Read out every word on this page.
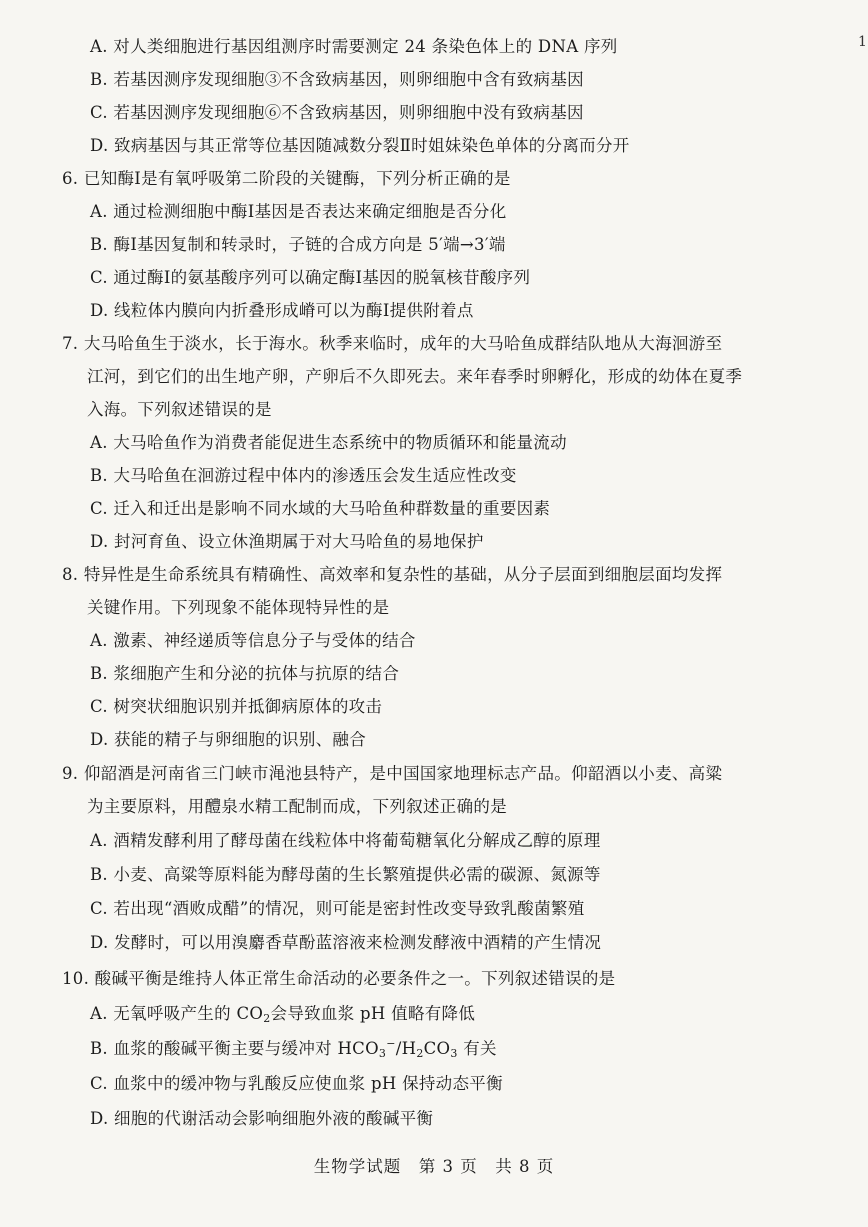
A. 对人类细胞进行基因组测序时需要测定 24 条染色体上的 DNA 序列
B. 若基因测序发现细胞③不含致病基因，则卵细胞中含有致病基因
C. 若基因测序发现细胞⑥不含致病基因，则卵细胞中没有致病基因
D. 致病基因与其正常等位基因随减数分裂Ⅱ时姐妹染色单体的分离而分开
6. 已知酶Ⅰ是有氧呼吸第二阶段的关键酶，下列分析正确的是
A. 通过检测细胞中酶Ⅰ基因是否表达来确定细胞是否分化
B. 酶Ⅰ基因复制和转录时，子链的合成方向是 5′端→3′端
C. 通过酶Ⅰ的氨基酸序列可以确定酶Ⅰ基因的脱氧核苷酸序列
D. 线粒体内膜向内折叠形成嵴可以为酶Ⅰ提供附着点
7. 大马哈鱼生于淡水，长于海水。秋季来临时，成年的大马哈鱼成群结队地从大海洄游至
江河，到它们的出生地产卵，产卵后不久即死去。来年春季时卵孵化，形成的幼体在夏季
入海。下列叙述错误的是
A. 大马哈鱼作为消费者能促进生态系统中的物质循环和能量流动
B. 大马哈鱼在洄游过程中体内的渗透压会发生适应性改变
C. 迁入和迁出是影响不同水域的大马哈鱼种群数量的重要因素
D. 封河育鱼、设立休渔期属于对大马哈鱼的易地保护
8. 特异性是生命系统具有精确性、高效率和复杂性的基础，从分子层面到细胞层面均发挥
关键作用。下列现象不能体现特异性的是
A. 激素、神经递质等信息分子与受体的结合
B. 浆细胞产生和分泌的抗体与抗原的结合
C. 树突状细胞识别并抵御病原体的攻击
D. 获能的精子与卵细胞的识别、融合
9. 仰韶酒是河南省三门峡市渑池县特产，是中国国家地理标志产品。仰韶酒以小麦、高粱
为主要原料，用醴泉水精工配制而成，下列叙述正确的是
A. 酒精发酵利用了酵母菌在线粒体中将葡萄糖氧化分解成乙醇的原理
B. 小麦、高粱等原料能为酵母菌的生长繁殖提供必需的碳源、氮源等
C. 若出现“酒败成醋”的情况，则可能是密封性改变导致乳酸菌繁殖
D. 发酵时，可以用溴麝香草酚蓝溶液来检测发酵液中酒精的产生情况
10. 酸碱平衡是维持人体正常生命活动的必要条件之一。下列叙述错误的是
A. 无氧呼吸产生的 $CO_2$会导致血浆 pH 值略有降低
B. 血浆的酸碱平衡主要与缓冲对 $HCO_3^-/H_2CO_3$ 有关
C. 血浆中的缓冲物与乳酸反应使血浆 pH 保持动态平衡
D. 细胞的代谢活动会影响细胞外液的酸碱平衡
生物学试题　第 3 页　共 8 页
1
